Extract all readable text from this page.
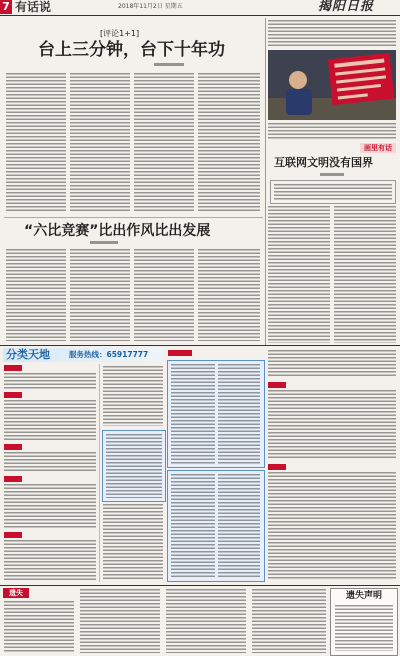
7 有话说	2018年11月2日 星期五	揭阳日报
[评论1+1]
台上三分钟，台下十年功
“六比竞赛”比出作风比出发展
画里有话
互联网文明没有国界
分类天地	服务热线：65917777
遗失	遗失声明
